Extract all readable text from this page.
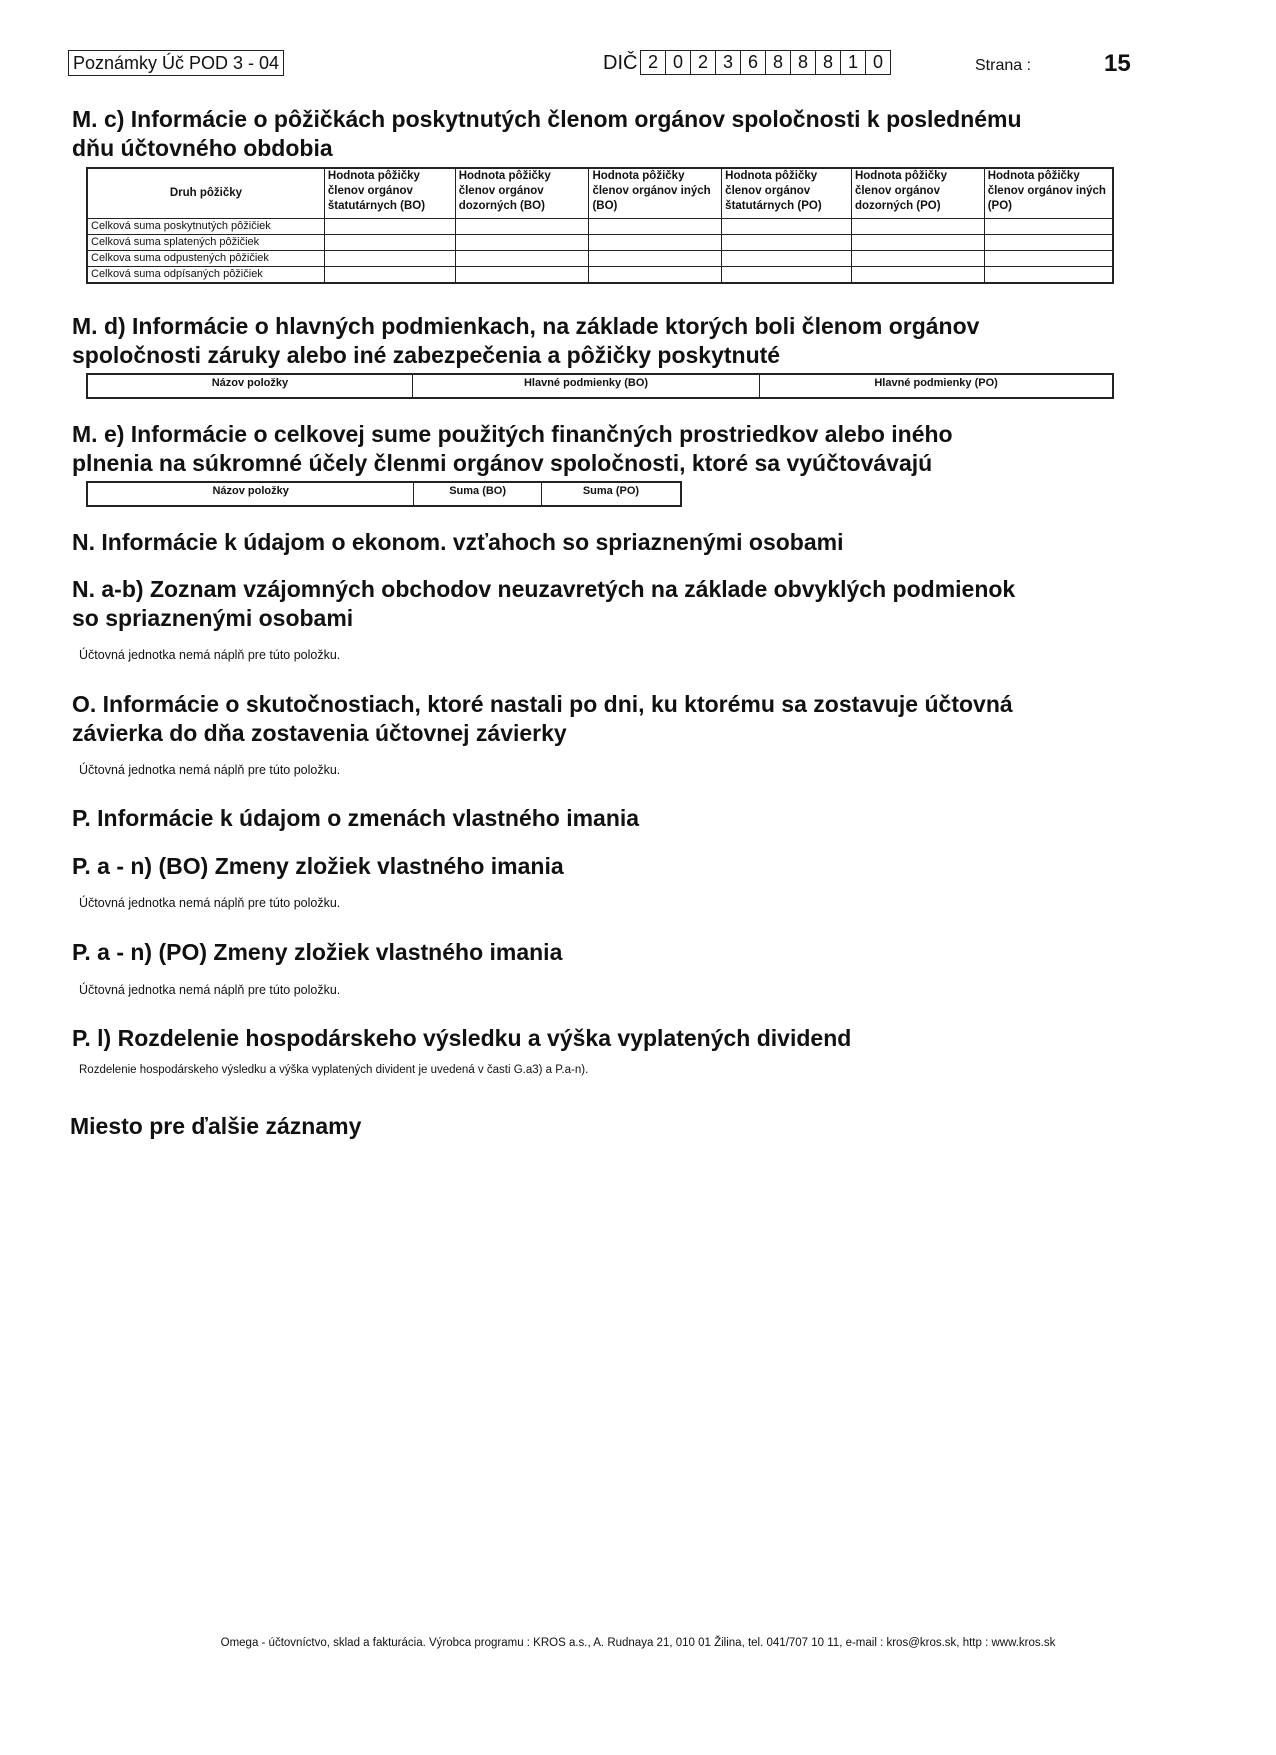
Poznámky Úč POD 3 - 04	DIČ 2 0 2 3 6 8 8 8 1 0	Strana :	15
M. c) Informácie o pôžičkách poskytnutých členom orgánov spoločnosti k poslednému
dňu účtovného obdobia
Druh pôžičky	Hodnota pôžičky členov orgánov štatutárnych (BO)	Hodnota pôžičky členov orgánov dozorných (BO)	Hodnota pôžičky členov orgánov iných (BO)	Hodnota pôžičky členov orgánov štatutárnych (PO)	Hodnota pôžičky členov orgánov dozorných (PO)	Hodnota pôžičky členov orgánov iných (PO)
Celková suma poskytnutých pôžičiek						
Celková suma splatených pôžičiek						
Celkova suma odpustených pôžičiek						
Celková suma odpísaných pôžičiek						
M. d) Informácie o hlavných podmienkach, na základe ktorých boli členom orgánov
spoločnosti záruky alebo iné zabezpečenia a pôžičky poskytnuté
Názov položky	Hlavné podmienky (BO)	Hlavné podmienky (PO)
M. e) Informácie o celkovej sume použitých finančných prostriedkov alebo iného
plnenia na súkromné účely členmi orgánov spoločnosti, ktoré sa vyúčtovávajú
Názov položky	Suma (BO)	Suma (PO)
N. Informácie k údajom o ekonom. vzťahoch so spriaznenými osobami
N. a-b) Zoznam vzájomných obchodov neuzavretých na základe obvyklých podmienok
so spriaznenými osobami
Účtovná jednotka nemá náplň pre túto položku.
O. Informácie o skutočnostiach, ktoré nastali po dni, ku ktorému sa zostavuje účtovná
závierka do dňa zostavenia účtovnej závierky
Účtovná jednotka nemá náplň pre túto položku.
P. Informácie k údajom o zmenách vlastného imania
P. a - n) (BO) Zmeny zložiek vlastného imania
Účtovná jednotka nemá náplň pre túto položku.
P. a - n) (PO) Zmeny zložiek vlastného imania
Účtovná jednotka nemá náplň pre túto položku.
P. l) Rozdelenie hospodárskeho výsledku a výška vyplatených dividend
Rozdelenie hospodárskeho výsledku a výška vyplatených divident je uvedená v časti G.a3) a P.a-n).
Miesto pre ďalšie záznamy
Omega - účtovníctvo, sklad a fakturácia. Výrobca programu : KROS a.s., A. Rudnaya 21, 010 01 Žilina, tel. 041/707 10 11, e-mail : kros@kros.sk, http : www.kros.sk
